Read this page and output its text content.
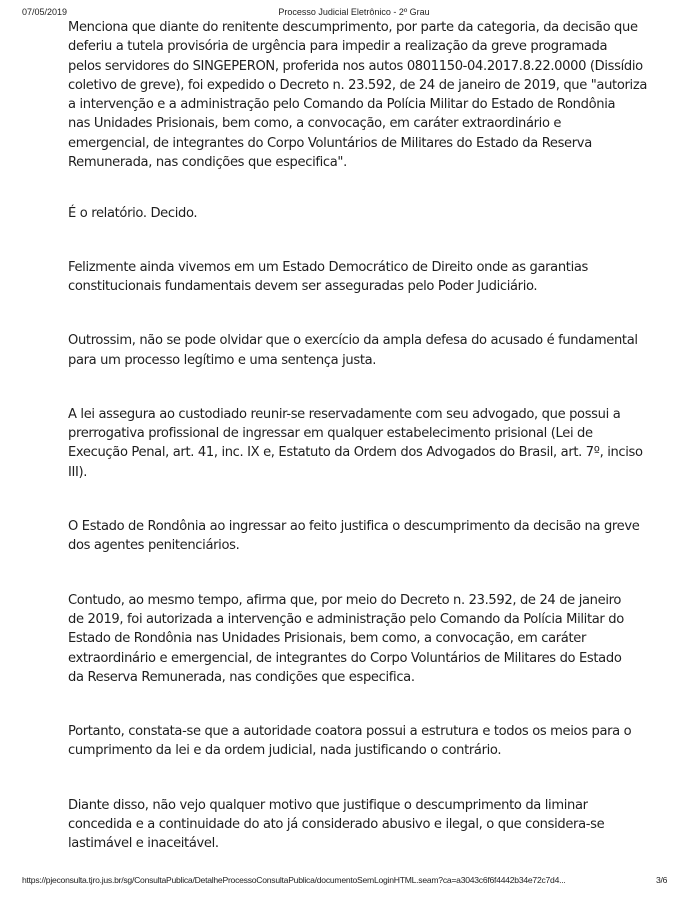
07/05/2019	Processo Judicial Eletrônico - 2º Grau

Menciona que diante do renitente descumprimento, por parte da categoria, da decisão que
deferiu a tutela provisória de urgência para impedir a realização da greve programada
pelos servidores do SINGEPERON, proferida nos autos 0801150-04.2017.8.22.0000 (Dissídio
coletivo de greve), foi expedido o Decreto n. 23.592, de 24 de janeiro de 2019, que "autoriza
a intervenção e a administração pelo Comando da Polícia Militar do Estado de Rondônia
nas Unidades Prisionais, bem como, a convocação, em caráter extraordinário e
emergencial, de integrantes do Corpo Voluntários de Militares do Estado da Reserva
Remunerada, nas condições que especifica".

É o relatório. Decido.

Felizmente ainda vivemos em um Estado Democrático de Direito onde as garantias
constitucionais fundamentais devem ser asseguradas pelo Poder Judiciário.

Outrossim, não se pode olvidar que o exercício da ampla defesa do acusado é fundamental
para um processo legítimo e uma sentença justa.

A lei assegura ao custodiado reunir-se reservadamente com seu advogado, que possui a
prerrogativa profissional de ingressar em qualquer estabelecimento prisional (Lei de
Execução Penal, art. 41, inc. IX e, Estatuto da Ordem dos Advogados do Brasil, art. 7º, inciso
III).

O Estado de Rondônia ao ingressar ao feito justifica o descumprimento da decisão na greve
dos agentes penitenciários.

Contudo, ao mesmo tempo, afirma que, por meio do Decreto n. 23.592, de 24 de janeiro
de 2019, foi autorizada a intervenção e administração pelo Comando da Polícia Militar do
Estado de Rondônia nas Unidades Prisionais, bem como, a convocação, em caráter
extraordinário e emergencial, de integrantes do Corpo Voluntários de Militares do Estado
da Reserva Remunerada, nas condições que especifica.

Portanto, constata-se que a autoridade coatora possui a estrutura e todos os meios para o
cumprimento da lei e da ordem judicial, nada justificando o contrário.

Diante disso, não vejo qualquer motivo que justifique o descumprimento da liminar
concedida e a continuidade do ato já considerado abusivo e ilegal, o que considera-se
lastimável e inaceitável.

https://pjeconsulta.tjro.jus.br/sg/ConsultaPublica/DetalheProcessoConsultaPublica/documentoSemLoginHTML.seam?ca=a3043c6f6f4442b34e72c7d4...	3/6
